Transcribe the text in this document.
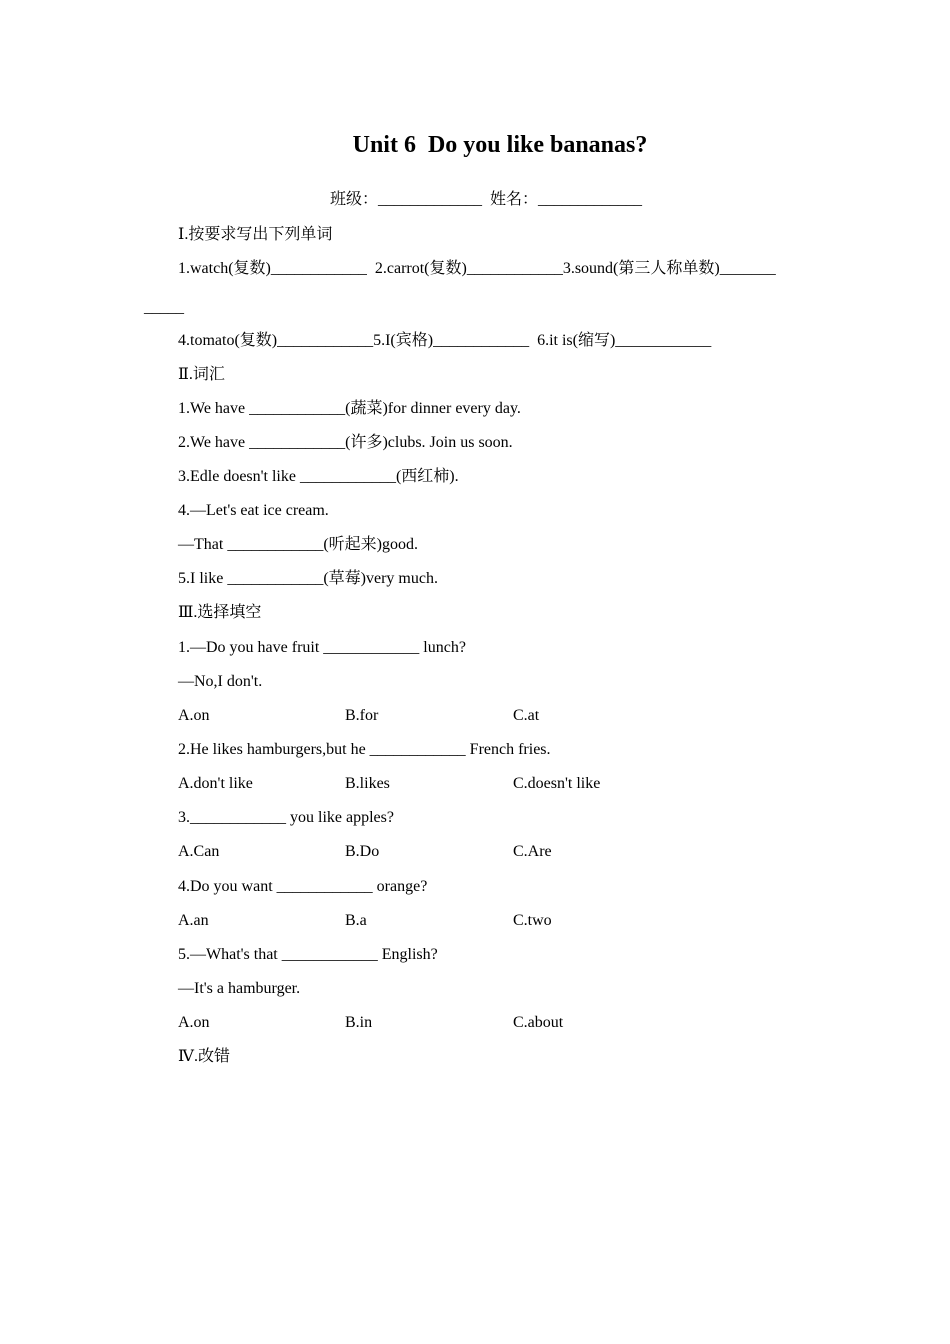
Unit 6  Do you like bananas?
班级：_____________  姓名：_____________
Ⅰ.按要求写出下列单词
1.watch(复数)____________  2.carrot(复数)____________3.sound(第三人称单数)_______
_____
4.tomato(复数)____________5.I(宾格)____________  6.it is(缩写)____________
Ⅱ.词汇
1.We have ____________(蔬菜)for dinner every day.
2.We have ____________(许多)clubs. Join us soon.
3.Edle doesn't like ____________(西红柿).
4.—Let's eat ice cream.
—That ____________(听起来)good.
5.I like ____________(草莓)very much.
Ⅲ.选择填空
1.—Do you have fruit ____________ lunch?
—No,I don't.
A.on	B.for	C.at
2.He likes hamburgers,but he ____________ French fries.
A.don't like	B.likes	C.doesn't like
3.____________ you like apples?
A.Can	B.Do	C.Are
4.Do you want ____________ orange?
A.an	B.a	C.two
5.—What's that ____________ English?
—It's a hamburger.
A.on	B.in	C.about
Ⅳ.改错
